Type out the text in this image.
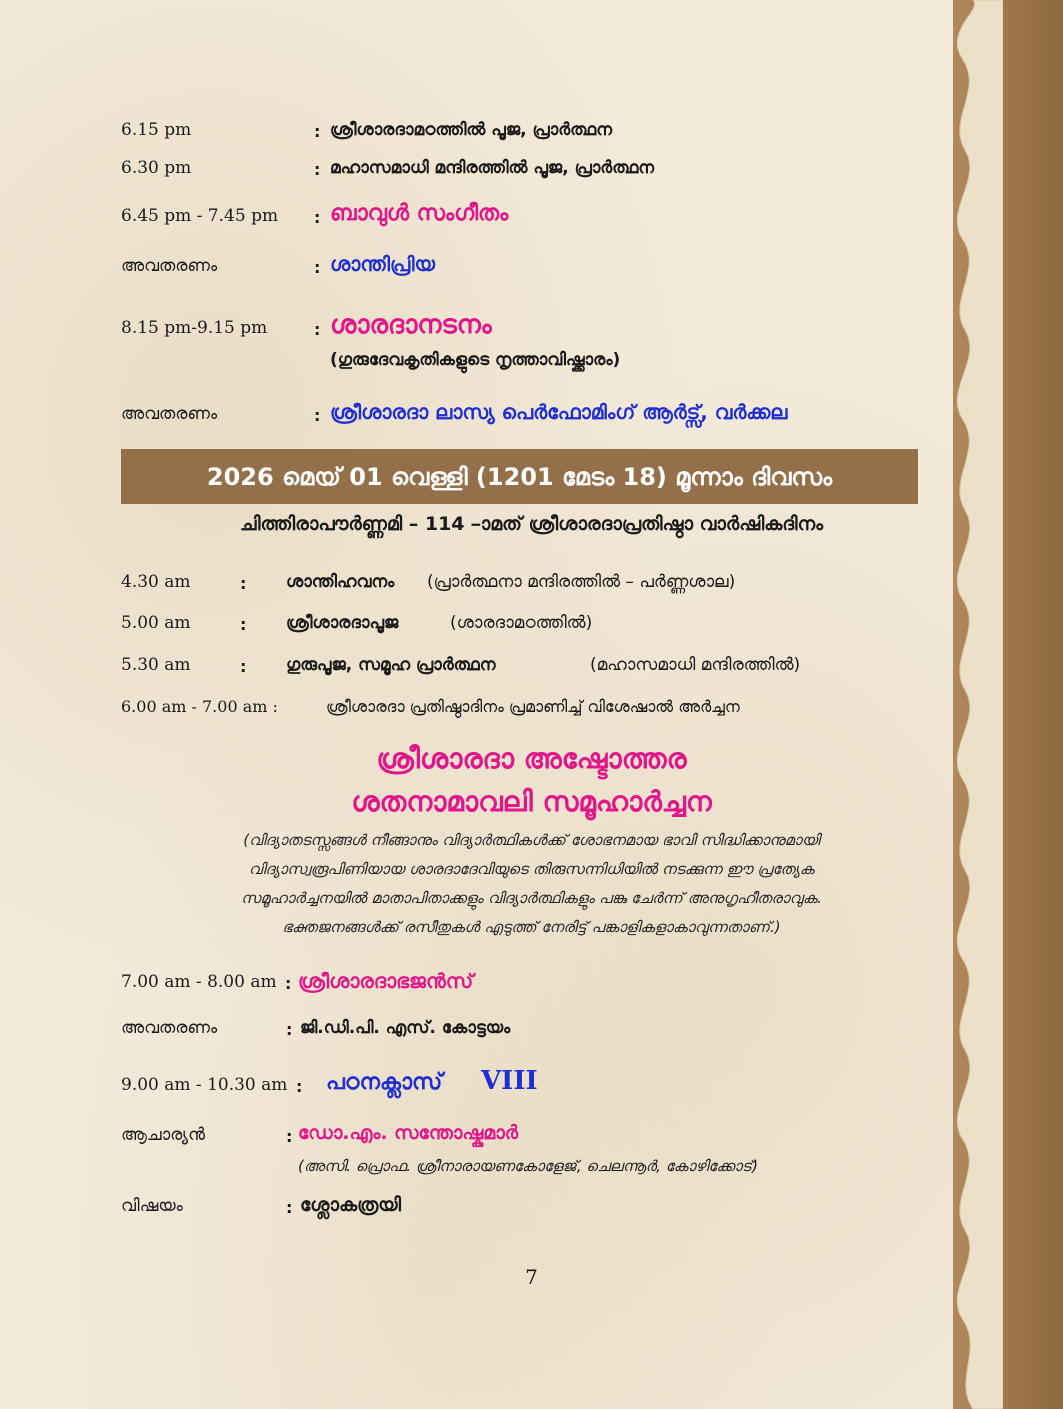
6.15 pm	: ശ്രീശാരദാമഠത്തിൽ പൂജ, പ്രാർത്ഥന
6.30 pm	: മഹാസമാധി മന്ദിരത്തിൽ പൂജ, പ്രാർത്ഥന
6.45 pm - 7.45 pm : ബാവുൾ സംഗീതം
അവതരണം	: ശാന്തിപ്രിയ
8.15 pm-9.15 pm	: ശാരദാനടനം
(ഗുരുദേവകൃതികളുടെ നൃത്താവിഷ്ക്കാരം)
അവതരണം	: ശ്രീശാരദാ ലാസ്യ പെർഫോമിംഗ് ആർട്സ്, വർക്കല
2026 മെയ് 01 വെള്ളി (1201 മേടം 18) മൂന്നാം ദിവസം
ചിത്തിരാപൗർണ്ണമി – 114 –ാമത് ശ്രീശാരദാപ്രതിഷ്ഠാ വാർഷികദിനം
4.30 am	: ശാന്തിഹവനം (പ്രാർത്ഥനാ മന്ദിരത്തിൽ – പർണ്ണശാല)
5.00 am	: ശ്രീശാരദാപൂജ	(ശാരദാമഠത്തിൽ)
5.30 am	: ഗുരുപൂജ, സമൂഹ പ്രാർത്ഥന	(മഹാസമാധി മന്ദിരത്തിൽ)
6.00 am - 7.00 am :	ശ്രീശാരദാ പ്രതിഷ്ഠാദിനം പ്രമാണിച്ച് വിശേഷാൽ അർച്ചന
ശ്രീശാരദാ അഷ്ടോത്തര
ശതനാമാവലി സമൂഹാർച്ചന
(വിദ്യാതടസ്സങ്ങൾ നീങ്ങാനും വിദ്യാർത്ഥികൾക്ക് ശോഭനമായ ഭാവി സിദ്ധിക്കാനുമായി
വിദ്യാസ്വരൂപിണിയായ ശാരദാദേവിയുടെ തിരുസന്നിധിയിൽ നടക്കുന്ന ഈ പ്രത്യേക
സമൂഹാർച്ചനയിൽ മാതാപിതാക്കളും വിദ്യാർത്ഥികളും പങ്കു ചേർന്ന് അനുഗൃഹീതരാവുക.
ഭക്തജനങ്ങൾക്ക് രസീതുകൾ എടുത്ത് നേരിട്ട് പങ്കാളികളാകാവുന്നതാണ്.)
7.00 am - 8.00 am : ശ്രീശാരദാഭജൻസ്
അവതരണം	: ജി.ഡി.പി. എസ്. കോട്ടയം
9.00 am - 10.30 am : പഠനക്ലാസ് VIII
ആചാര്യൻ	: ഡോ.എം. സന്തോഷ്കുമാർ
(അസി. പ്രൊഫ. ശ്രീനാരായണകോളേജ്, ചെലന്നൂർ, കോഴിക്കോട്)
വിഷയം	: ശ്ലോകത്രയി
7
